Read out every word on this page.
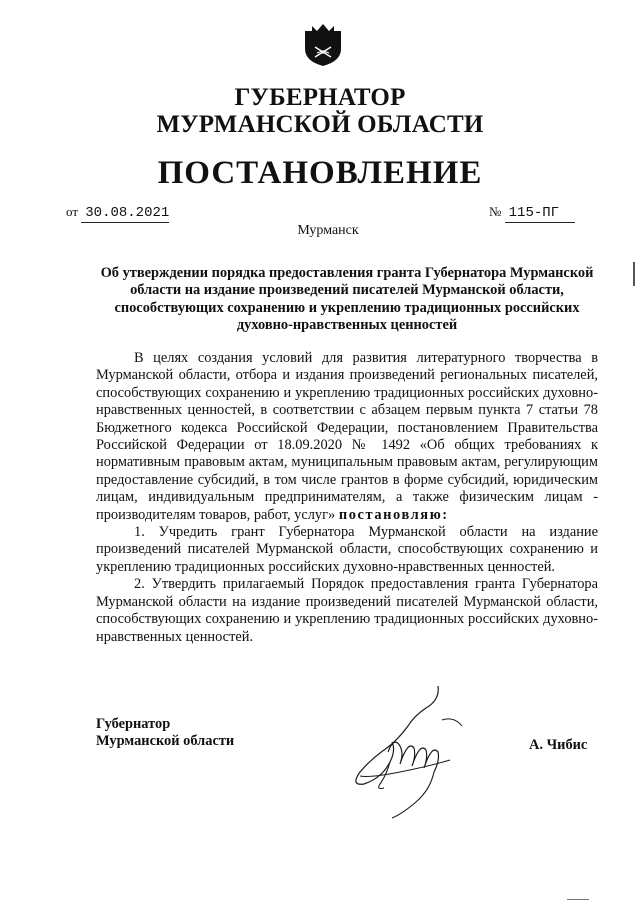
ГУБЕРНАТОР
МУРМАНСКОЙ ОБЛАСТИ
ПОСТАНОВЛЕНИЕ
от 30.08.2021	№ 115-ПГ
Мурманск
Об утверждении порядка предоставления гранта Губернатора Мурманской области на издание произведений писателей Мурманской области, способствующих сохранению и укреплению традиционных российских духовно-нравственных ценностей

В целях создания условий для развития литературного творчества в Мурманской области, отбора и издания произведений региональных писателей, способствующих сохранению и укреплению традиционных российских духовно-нравственных ценностей, в соответствии с абзацем первым пункта 7 статьи 78 Бюджетного кодекса Российской Федерации, постановлением Правительства Российской Федерации от 18.09.2020 № 1492 «Об общих требованиях к нормативным правовым актам, муниципальным правовым актам, регулирующим предоставление субсидий, в том числе грантов в форме субсидий, юридическим лицам, индивидуальным предпринимателям, а также физическим лицам - производителям товаров, работ, услуг» постановляю:

1. Учредить грант Губернатора Мурманской области на издание произведений писателей Мурманской области, способствующих сохранению и укреплению традиционных российских духовно-нравственных ценностей.

2. Утвердить прилагаемый Порядок предоставления гранта Губернатора Мурманской области на издание произведений писателей Мурманской области, способствующих сохранению и укреплению традиционных российских духовно-нравственных ценностей.

Губернатор
Мурманской области	А. Чибис
